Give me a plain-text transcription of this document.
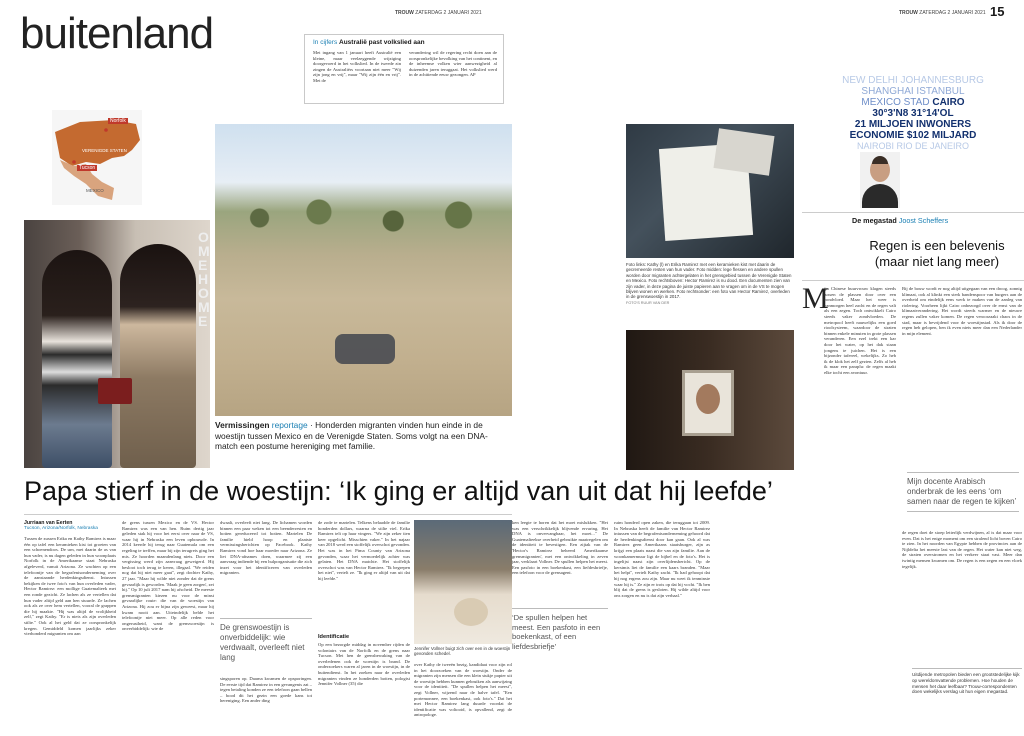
buitenland	TROUW ZATERDAG 2 JANUARI 2021
In cijfers Australië past volkslied aan
Met ingang van 1 januari heeft Australië een kleine, maar veelzeggende wijziging doorgevoerd in het volkslied. In de tweede zin zingen de Australiërs voortaan niet meer "Wij zijn jong en vrij", maar "Wij zijn één en vrij". Met de
verandering wil de regering recht doen aan de oorspronkelijke bevolking van het continent, en de inheemse volken wier aanwezigheid al duizenden jaren teruggaat. Het volkslied werd in de achttiende eeuw gezongen. AP
Norfolk
VERENIGDE STATEN
Tucson
MEXICO
OME HOME
Vermissingen reportage · Honderden migranten vinden hun einde in de woestijn tussen Mexico en de Verenigde Staten. Soms volgt na een DNA-match een postume hereniging met familie.
Papa stierf in de woestijn: ‘Ik ging er altijd van uit dat hij leefde’
Jurriaan van Eerten
Tucson, Arizona/Norfolk, Nebraska
Tussen de zussen Erika en Kathy Ramirez is maar één op tafel een keramieken kist tot groeten van een schoenendoos. De urn, met daarin de as van hun vader, is nu dagen geleden in hun woonplaats Norfolk in de Amerikaanse staat Nebraska afgeleverd, vanuit Arizona. Ze wachten op een telefoontje van de begrafenisonderneming over de aanstaande herdenkingsdienst. Intussen bekijken de twee foto's van hun overleden vader, Hector Ramirez: een mollige Guatemalteek met een ronde gezicht. Ze lachen als ze vertellen dat hun vader altijd geld aan hen stuurde. Ze lachen ook als ze over hem vertellen, vooral de grappen die hij maakte. "Hij was altijd de vrolijkheid zelf," zegt Kathy. "Er is niets als zijn overleden stilte." Ook al het geld dat ze oorspronkelijk kregen. Gemiddeld komen jaarlijks zeker vierhonderd migranten om aan
de grens tussen Mexico en de VS. Hector Ramirez was een van hen. Ruim dertig jaar geleden stak hij voor het eerst over naar de VS, waar hij in Nebraska een leven opbouwde. In 2014 keerde hij terug naar Guatemala om een regeling te treffen, maar bij zijn terugreis ging het mis. Ze hoorden maandenlang niets. Door een vergissing werd zijn aanvraag geweigerd. Hij besloot toch terug te keren, illegaal. "We reiden nog dat hij niet meer gaat", zegt dochter Kathy, 27 jaar. "Maar hij wilde niet zonder dat de grens gevaarlijk is geworden. 'Maak je geen zorgen', zei hij." Op 10 juli 2017 nam hij afscheid. De meeste grensmigranten kiezen nu voor de minst gevaarlijke route: die van de woestijn van Arizona. Hij zou er bijna zijn geweest, maar hij kwam nooit aan. Uiteindelijk belde het telefoontje niet meer. Op alle reden voor ongerustheid, want de grenswoestijn is onverbiddelijk: wie de
dwaalt, overleeft niet lang. De lichamen worden binnen een paar weken tot een beenderresten en botten gereduceerd tot botten. Martelen De familie hield hoop en plaatste vermissingsberichten op Facebook. Kathy Ramirez vond hoe haar moeder naar Arizona. Ze liet DNA-afnames doen, waarmee zij een aanvraag indiende bij een hulporganisatie die zich inzet voor het identificeren van overleden migranten.
De grenswoestijn is onverbiddelijk: wie verdwaalt, overleeft niet lang
singsporen op. Daarna kwamen de opsporingen. De eerste tijd dat Ramirez in een gevangenis zat – tegen betaling konden ze een telefoon gaan bellen – bood dit het gezin een goede kans tot hereniging. Een ander ding
de zode te martelen. Telkens belaadde de familie honderden dollars, waarna de stilte viel. Erika Ramirez telt op haar vingers. "We zijn zeker tien keer opgelicht. Misschien vaker." In het najaar van 2018 werd een stoffelijk overschot gevonden. Het was in het Pima County van Arizona gevonden, waar het vermoedelijk achter was gelaten. Het DNA matchte. Het stoffelijk overschot was van Hector Ramirez. "Ik begrepen het niet", vertelt ze. "Ik ging er altijd van uit dat hij leefde."
Identificatie
Op een bezorgde middag in november rijden de volontairs van de Norfolk en de grens naar Tucson. Met hen de grensbewaking van de overledenen ook de woestijn is brand. De onderzoekers waren al jaren in de woestijn, in de buitendienst. In het zoeken naar de overleden migranten vinden ze honderden botten, pologist Jennifer Vollner (35) die
Jennifer Vollner buigt zich over een in de woestijn gevonden schedel.
over Kathy de tweeën bezig, kandidaat voor zijn rol in het doorzoeken van de woestijn. Onder de migranten zijn mensen die een klein stukje papier uit de woestijn hebben kunnen gebruiken als aanwijzing voor de identiteit. "De spullen helpen het meest", zegt Vollner, wijzend naar de halve tafel. "Een portemonnee, een boekenkast, ook foto's." Dat het met Hector Ramirez lang duurde voordat de identificatie was voltooid, is opvallend, zegt de antropologe.
TROUW ZATERDAG 2 JANUARI 2021 15
ken leegte te horen dat het moet mislukken. "Het was een verschrikkelijk blijvende ervaring. Het DNA is onvervangbaar, het moet..." De Guatemalteekse overheid gebruikte maatregelen om de identiteit te bevestigen. Een zijtak van de 'Hector's Ramirez beheerd Amerikaanse grensmigranten', met een ontwikkeling in zeven jaar, verklaart Vollner. De spullen helpen het meest. Een pasfoto in een boekenkast, een liefdesbriefje, een telefoon voor de grensagent.
‘De spullen helpen het meest. Een pasfoto in een boekenkast, of een liefdesbriefje’
ruim honderd open zaken, die teruggaan tot 2009. In Nebraska heeft de familie van Hector Ramirez intussen van de begrafenisonderneming gehoord dat de herdenkingsdienst door kan gaan. Ook al was Ramirez geen Amerikaans staatsburger, zijn as krijgt een plaats naast die van zijn familie. Aan de woonkamermuur ligt de bijbel en de foto's. Het is ingelijst naast zijn overlijdensbericht. Op de kerstmis liet de familie een kaars branden. "Maar het helpt", vertelt Kathy zacht. "Ik had gehoopt dat hij nog ergens zou zijn. Maar nu weet ik tenminste waar hij is." Ze zijn er trots op dat hij vocht. "Ik ben blij dat de grens is gesloten. Hij wilde altijd voor ons zorgen en nu is dat zijn verhaal."
Foto links: Kathy (l) en Erika Ramirez met een keramieken kist met daarin de gecremeerde resten van hun vader. Foto midden: lege flessen en andere spullen worden door migranten achtergelaten in het grensgebied tussen de Verenigde Staten en Mexico. Foto rechtsboven: Hector Ramirez is nu dood. Een documenten zien van zijn vader, in deze pagina de juiste papieren aan te vragen om in de VS te mogen blijven wonen en werken. Foto rechtsonder: een foto van Hector Ramirez, overleden in de grenswoestijn in 2017.
FOTO'S RUUR VAN DER
NEW DELHI JOHANNESBURG
SHANGHAI ISTANBUL
MEXICO STAD CAIRO
30°3'N8 31°14'OL
21 MILJOEN INWONERS
ECONOMIE $102 MILJARD
NAIROBI RIO DE JANEIRO
De megastad Joost Scheffers
Regen is een belevenis (maar niet lang meer)
M
ijn Chinese buurvrouw klagen steeds tussen de plassen door over een zondvloed. Maar het weer is vanmorgen heel zacht en de regen valt als een zegen. Toch ontwikkelt Cairo steeds vaker zondvloeden. De metropool heeft nauwelijks een goed rioolsysteem, waardoor de straten binnen enkele minuten in grote plassen veranderen. Een ezel trekt een kar door het water, op het dak staan jongens te juichen. Het is een bijzonder tafereel, wekelijks. Zo heb ik de klok het zelf gezien. Zelfs al heb ik maar een paraplu: de regen maakt elke tocht een avontuur.
Bij de bouw wordt er nog altijd uitgegaan van een droog, zonnig klimaat, ook al klinkt een sterk bandenspoor van burgers aan de overheid om eindelijk eens werk te maken van de aanleg van riolering. Voorheen lijkt Cairo onbezorgd over de ernst van de klimaatverandering. Het wordt steeds warmer en de nieuwe regens zullen vaker komen. De regen veroorzaakt chaos in de stad, maar is bevrijdend voor de woestijnstad. Als ik door de regen heb gelopen, ben ik even niets meer dan een Nederlander in mijn element.
Mijn docente Arabisch onderbrak de les eens ‘om samen naar de regen te kijken’
de regen doet de stoep letterlijk verdwijnen, al is dat maar voor even. Dat is het enige moment om een stralend licht boven Cairo te zien. In het noorden van Egypte hebben de provincies aan de Nijldelta het meeste last van de regen. Het water kan niet weg, de straten overstromen en het verkeer staat vast. Meer dan twintig mensen kwamen om. De regen is een zegen en een vloek tegelijk.
Uitdijende metropolen bieden een grootstedelijke kijk op wereldomvattende problemen. Hoe houden de mensen het daar leefbaar? Trouw-correspondenten doen wekelijks verslag uit hun eigen megastad.
